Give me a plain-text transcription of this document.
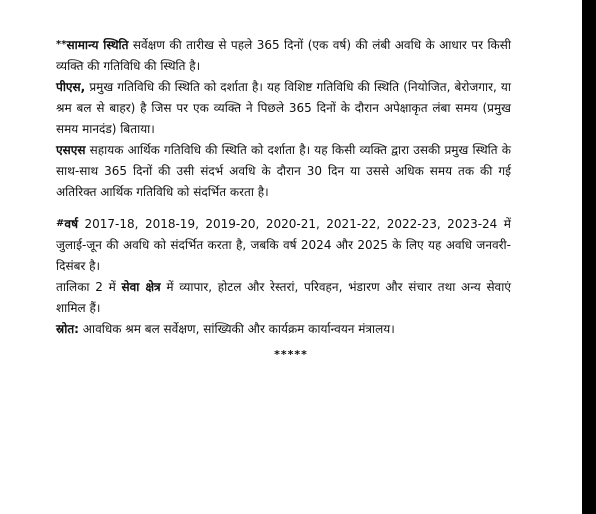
**सामान्य स्थिति सर्वेक्षण की तारीख से पहले 365 दिनों (एक वर्ष) की लंबी अवधि के आधार पर किसी व्यक्ति की गतिविधि की स्थिति है।

पीएस, प्रमुख गतिविधि की स्थिति को दर्शाता है। यह विशिष्ट गतिविधि की स्थिति (नियोजित, बेरोजगार, या श्रम बल से बाहर) है जिस पर एक व्यक्ति ने पिछले 365 दिनों के दौरान अपेक्षाकृत लंबा समय (प्रमुख समय मानदंड) बिताया।

एसएस सहायक आर्थिक गतिविधि की स्थिति को दर्शाता है। यह किसी व्यक्ति द्वारा उसकी प्रमुख स्थिति के साथ-साथ 365 दिनों की उसी संदर्भ अवधि के दौरान 30 दिन या उससे अधिक समय तक की गई अतिरिक्त आर्थिक गतिविधि को संदर्भित करता है।

#वर्ष 2017-18, 2018-19, 2019-20, 2020-21, 2021-22, 2022-23, 2023-24 में जुलाई-जून की अवधि को संदर्भित करता है, जबकि वर्ष 2024 और 2025 के लिए यह अवधि जनवरी-दिसंबर है।

तालिका 2 में सेवा क्षेत्र में व्यापार, होटल और रेस्तरां, परिवहन, भंडारण और संचार तथा अन्य सेवाएं शामिल हैं।

स्रोत: आवधिक श्रम बल सर्वेक्षण, सांख्यिकी और कार्यक्रम कार्यान्वयन मंत्रालय।

*****
